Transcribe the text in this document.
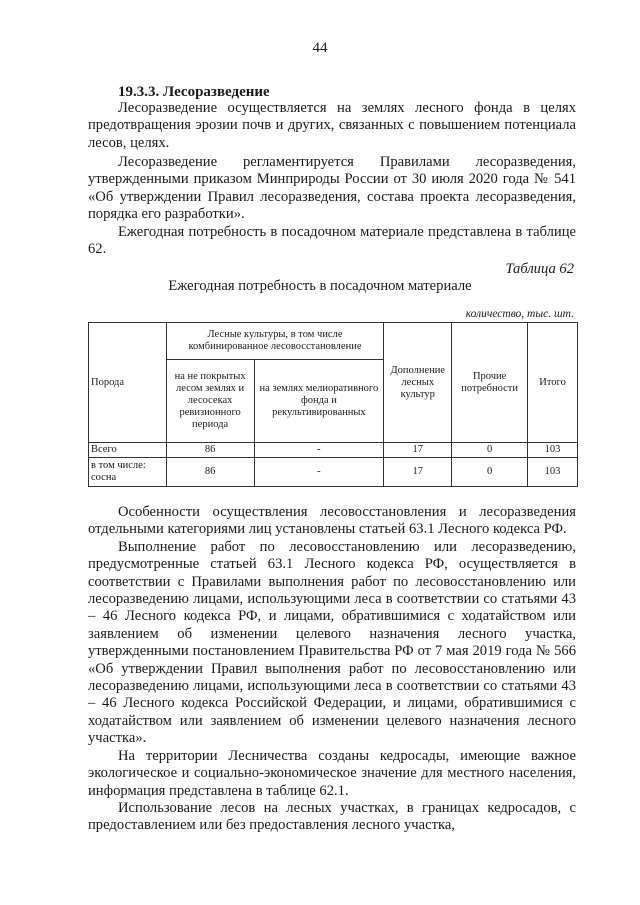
44
19.3.3. Лесоразведение

Лесоразведение осуществляется на землях лесного фонда в целях предотвращения эрозии почв и других, связанных с повышением потенциала лесов, целях.

Лесоразведение регламентируется Правилами лесоразведения, утвержденными приказом Минприроды России от 30 июля 2020 года № 541 «Об утверждении Правил лесоразведения, состава проекта лесоразведения, порядка его разработки».

Ежегодная потребность в посадочном материале представлена в таблице 62.

Таблица 62
Ежегодная потребность в посадочном материале
количество, тыс. шт.
Порода	Лесные культуры, в том числе комбинированное лесовосстановление		Дополнение лесных культур	Прочие потребности	Итого
	на не покрытых лесом землях и лесосеках ревизионного периода	на землях мелиоративного фонда и рекультивированных			
Всего	86	-	17	0	103
в том числе: сосна	86	-	17	0	103

Особенности осуществления лесовосстановления и лесоразведения отдельными категориями лиц установлены статьей 63.1 Лесного кодекса РФ.

Выполнение работ по лесовосстановлению или лесоразведению, предусмотренные статьей 63.1 Лесного кодекса РФ, осуществляется в соответствии с Правилами выполнения работ по лесовосстановлению или лесоразведению лицами, использующими леса в соответствии со статьями 43 – 46 Лесного кодекса РФ, и лицами, обратившимися с ходатайством или заявлением об изменении целевого назначения лесного участка, утвержденными постановлением Правительства РФ от 7 мая 2019 года № 566 «Об утверждении Правил выполнения работ по лесовосстановлению или лесоразведению лицами, использующими леса в соответствии со статьями 43 – 46 Лесного кодекса Российской Федерации, и лицами, обратившимися с ходатайством или заявлением об изменении целевого назначения лесного участка».

На территории Лесничества созданы кедросады, имеющие важное экологическое и социально-экономическое значение для местного населения, информация представлена в таблице 62.1.

Использование лесов на лесных участках, в границах кедросадов, с предоставлением или без предоставления лесного участка,
